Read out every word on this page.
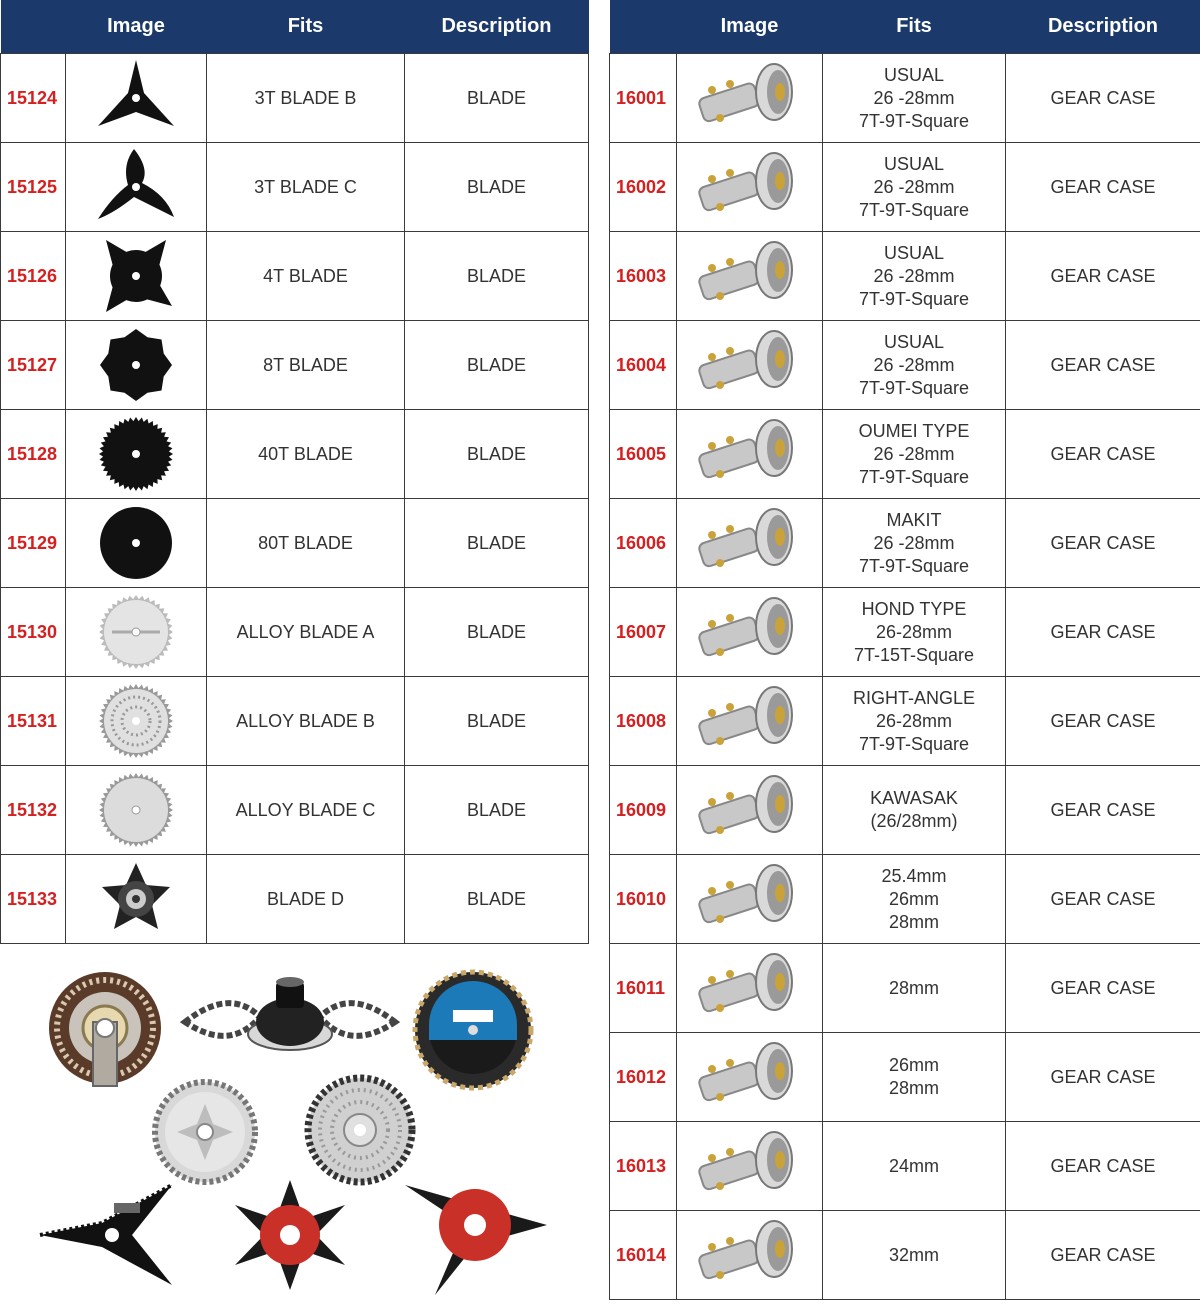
	Image	Fits	Description
15124		3T BLADE B	BLADE
15125		3T BLADE C	BLADE
15126		4T BLADE	BLADE
15127		8T BLADE	BLADE
15128		40T BLADE	BLADE
15129		80T BLADE	BLADE
15130		ALLOY BLADE A	BLADE
15131		ALLOY BLADE B	BLADE
15132		ALLOY BLADE C	BLADE
15133		BLADE D	BLADE
	Image	Fits	Description
16001		USUAL
26 -28mm
7T-9T-Square	GEAR CASE
16002		USUAL
26 -28mm
7T-9T-Square	GEAR CASE
16003		USUAL
26 -28mm
7T-9T-Square	GEAR CASE
16004		USUAL
26 -28mm
7T-9T-Square	GEAR CASE
16005		OUMEI TYPE
26 -28mm
7T-9T-Square	GEAR CASE
16006		MAKIT
26 -28mm
7T-9T-Square	GEAR CASE
16007		HOND TYPE
26-28mm
7T-15T-Square	GEAR CASE
16008		RIGHT-ANGLE
26-28mm
7T-9T-Square	GEAR CASE
16009		KAWASAK
(26/28mm)	GEAR CASE
16010		25.4mm
26mm
28mm	GEAR CASE
16011		28mm	GEAR CASE
16012		26mm
28mm	GEAR CASE
16013		24mm	GEAR CASE
16014		32mm	GEAR CASE
